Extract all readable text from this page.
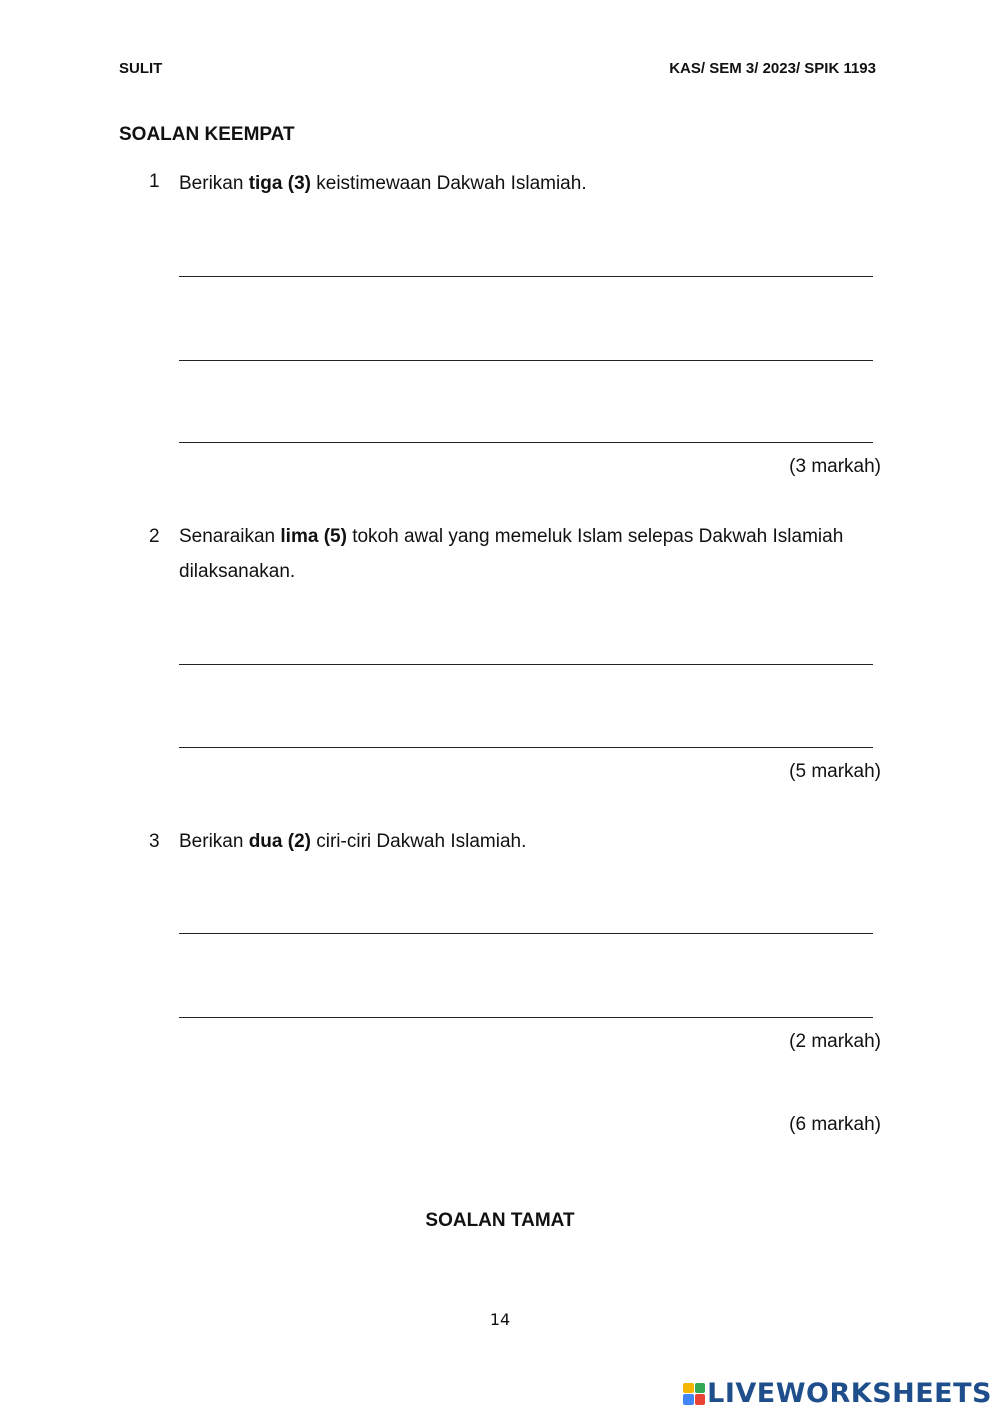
SULIT	KAS/ SEM 3/ 2023/ SPIK 1193
SOALAN KEEMPAT
1 Berikan tiga (3) keistimewaan Dakwah Islamiah.
(3 markah)
2 Senaraikan lima (5) tokoh awal yang memeluk Islam selepas Dakwah Islamiah dilaksanakan.
(5 markah)
3 Berikan dua (2) ciri-ciri Dakwah Islamiah.
(2 markah)
(6 markah)
SOALAN TAMAT
14
LIVEWORKSHEETS
